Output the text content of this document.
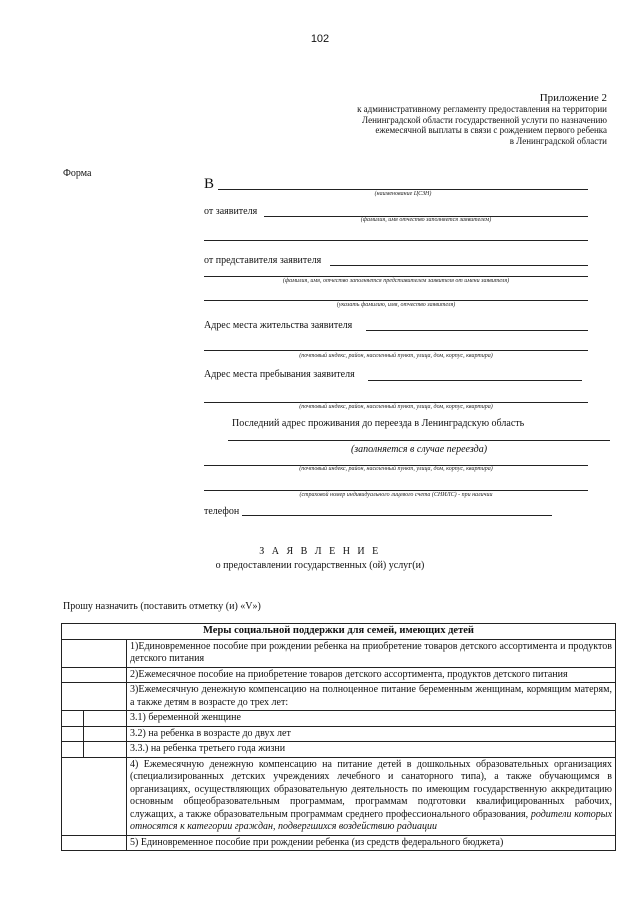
102
Приложение 2
к административному регламенту предоставления на территории
Ленинградской области государственной услуги по назначению
ежемесячной выплаты в связи с рождением первого ребенка
в Ленинградской области
Форма
В
(наименование ЦСЗН)
от заявителя
(фамилия, имя отчество заполняется заявителем)
от представителя заявителя
(фамилия, имя, отчество заполняется представителем заявителя от имени заявителя)
(указать фамилию, имя, отчество заявителя)
Адрес места жительства заявителя
(почтовый индекс, район, населенный пункт, улица, дом, корпус, квартира)
Адрес места пребывания заявителя
(почтовый индекс, район, населенный пункт, улица, дом, корпус, квартира)
Последний адрес проживания до переезда в Ленинградскую область
(заполняется в случае переезда)
(почтовый индекс, район, населенный пункт, улица, дом, корпус, квартира)
(страховой номер индивидуального лицевого счета (СНИЛС) - при наличии
телефон
З А Я В Л Е Н И Е
о предоставлении государственных (ой) услуг(и)
Прошу назначить (поставить отметку (и) «V»)
Меры социальной поддержки для семей, имеющих детей		
		1)Единовременное пособие при рождении ребенка на приобретение товаров детского ассортимента и продуктов детского питания
		2)Ежемесячное пособие на приобретение товаров детского ассортимента, продуктов детского питания
		3)Ежемесячную денежную компенсацию на полноценное питание беременным женщинам, кормящим матерям, а также детям в возрасте до трех лет:
		3.1) беременной женщине
		3.2) на ребенка в возрасте до двух лет
		3.3.) на ребенка третьего года жизни
		4) Ежемесячную денежную компенсацию на питание детей в дошкольных образовательных организациях (специализированных детских учреждениях лечебного и санаторного типа), а также обучающимся в организациях, осуществляющих образовательную деятельность по имеющим государственную аккредитацию основным общеобразовательным программам, программам подготовки квалифицированных рабочих, служащих, а также образовательным программам среднего профессионального образования, родители которых относятся к категории граждан, подвергшихся воздействию радиации
		5) Единовременное пособие при рождении ребенка (из средств федерального бюджета)
